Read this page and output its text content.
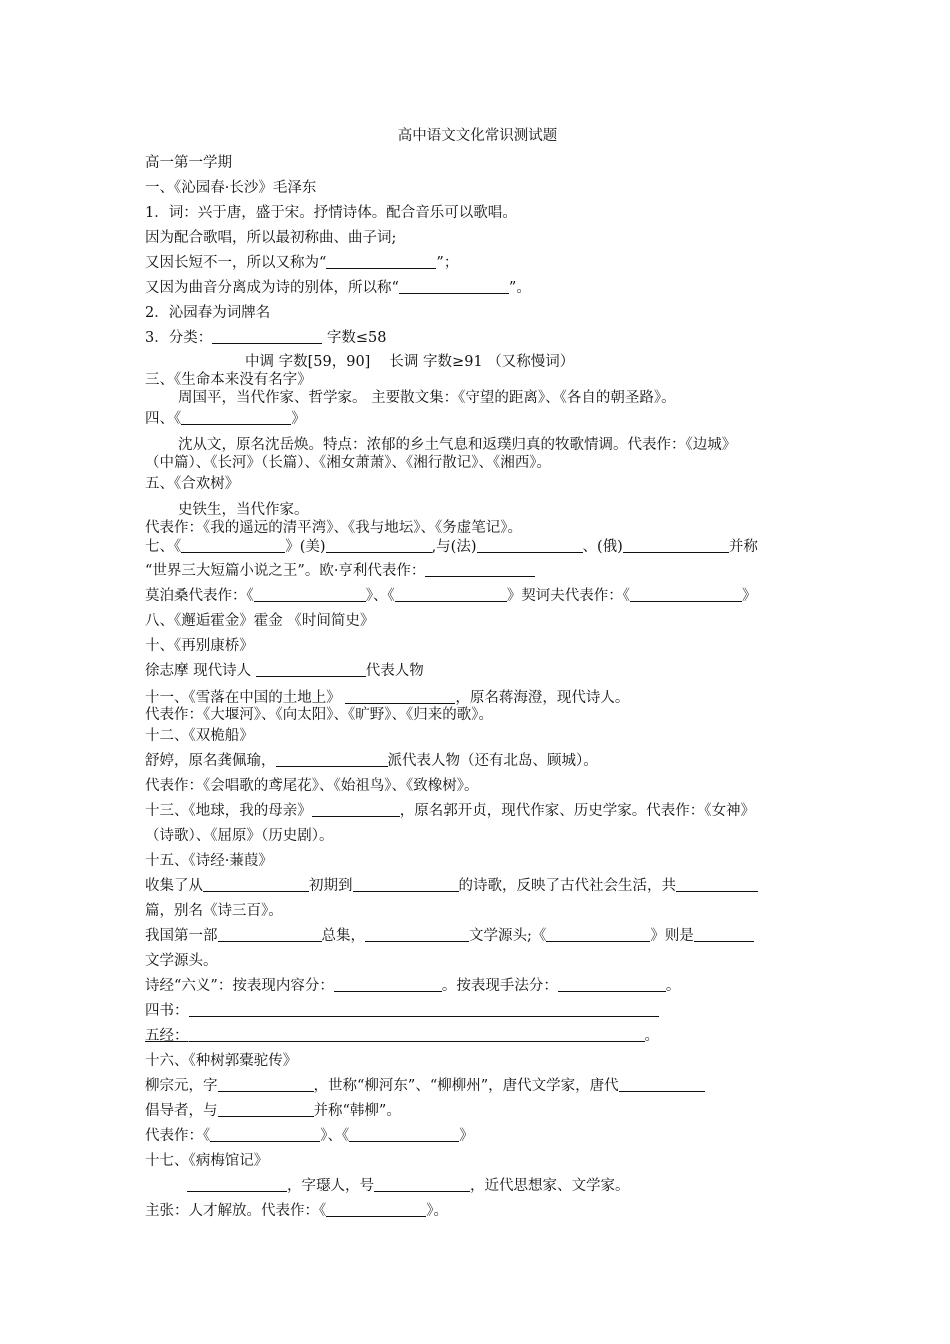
高中语文文化常识测试题
高一第一学期
一、《沁园春·长沙》毛泽东
1．词：兴于唐，盛于宋。抒情诗体。配合音乐可以歌唱。
因为配合歌唱，所以最初称曲、曲子词;
又因长短不一，所以又称为“	”；
又因为曲音分离成为诗的别体，所以称“	”。
2．沁园春为词牌名
3．分类：	字数≤58
中调 字数[59，90]　 长调 字数≥91 （又称慢词）
三、《生命本来没有名字》
周国平，当代作家、哲学家。 主要散文集：《守望的距离》、《各自的朝圣路》。
四、《	》
沈从文，原名沈岳焕。特点：浓郁的乡土气息和返璞归真的牧歌情调。代表作：《边城》
（中篇）、《长河》（长篇）、《湘女萧萧》、《湘行散记》、《湘西》。
五、《合欢树》
史铁生，当代作家。
代表作：《我的遥远的清平湾》、《我与地坛》、《务虚笔记》。
七、《	》(美)	,与(法)	、(俄)	并称
“世界三大短篇小说之王”。欧·亨利代表作：
莫泊桑代表作：《	》、《	》契诃夫代表作：《	》
八、《邂逅霍金》霍金 《时间简史》
十、《再别康桥》
徐志摩 现代诗人	代表人物
十一、《雪落在中国的土地上》	，原名蒋海澄，现代诗人。
代表作：《大堰河》、《向太阳》、《旷野》、《归来的歌》。
十二、《双桅船》
舒婷，原名龚佩瑜，	派代表人物（还有北岛、顾城）。
代表作：《会唱歌的鸢尾花》、《始祖鸟》、《致橡树》。
十三、《地球，我的母亲》	，原名郭开贞，现代作家、历史学家。代表作：《女神》
（诗歌）、《屈原》（历史剧）。
十五、《诗经·蒹葭》
收集了从	初期到	的诗歌，反映了古代社会生活，共
篇，别名《诗三百》。
我国第一部	总集，	文学源头;《	》则是
文学源头。
诗经“六义”：按表现内容分：	。按表现手法分：	。
四书：
五经：	。
十六、《种树郭橐驼传》
柳宗元，字	，世称“柳河东”、“柳柳州”，唐代文学家，唐代
倡导者，与	并称“韩柳”。
代表作：《	》、《	》
十七、《病梅馆记》
，字璱人，号	，近代思想家、文学家。
主张：人才解放。代表作：《	》。
